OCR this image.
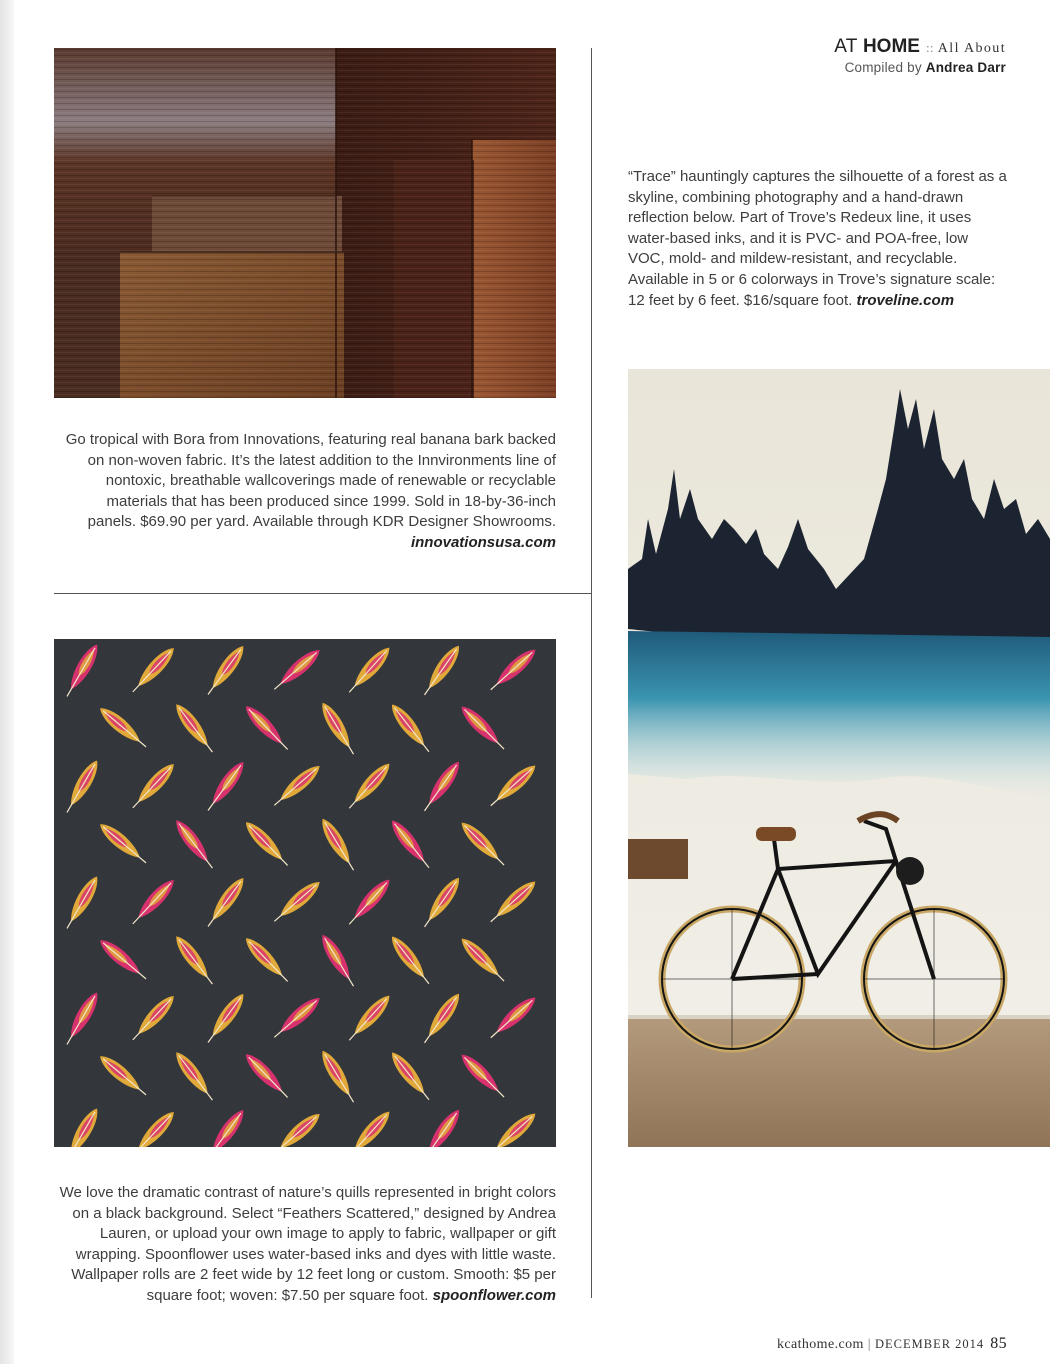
AT HOME :: All About
Compiled by Andrea Darr
Go tropical with Bora from Innovations, featuring real banana bark backed on non-woven fabric. It’s the latest addition to the Innvironments line of nontoxic, breathable wallcoverings made of renewable or recyclable materials that has been produced since 1999. Sold in 18-by-36-inch panels. $69.90 per yard. Available through KDR Designer Showrooms. innovationsusa.com
“Trace” hauntingly captures the silhouette of a forest as a skyline, combining photography and a hand-drawn reflection below. Part of Trove’s Redeux line, it uses water-based inks, and it is PVC- and POA-free, low VOC, mold- and mildew-resistant, and recyclable. Available in 5 or 6 colorways in Trove’s signature scale: 12 feet by 6 feet. $16/square foot. troveline.com
We love the dramatic contrast of nature’s quills represented in bright colors on a black background. Select “Feathers Scattered,” designed by Andrea Lauren, or upload your own image to apply to fabric, wallpaper or gift wrapping. Spoonflower uses water-based inks and dyes with little waste. Wallpaper rolls are 2 feet wide by 12 feet long or custom. Smooth: $5 per square foot; woven: $7.50 per square foot. spoonflower.com
kcathome.com | DECEMBER 2014 85
